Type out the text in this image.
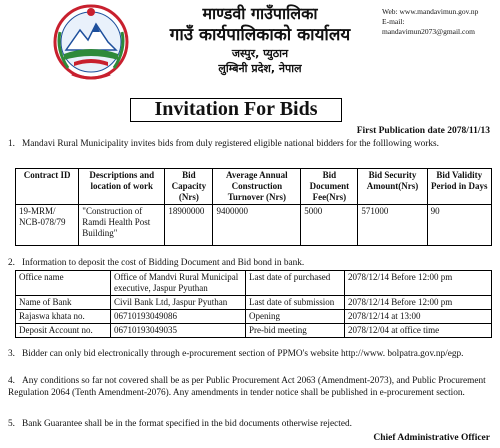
माण्डवी गाउँपालिका
गाउँ कार्यपालिकाको कार्यालय
जस्पुर, प्युठान
लुम्बिनी प्रदेश, नेपाल
Web: www.mandavimun.gov.np
E-mail: mandavimun2073@gmail.com
Invitation For Bids
First Publication date 2078/11/13
1. Mandavi Rural Municipality invites bids from duly registered eligible national bidders for the folllowing works.
Contract ID	Descriptions and location of work	Bid Capacity (Nrs)	Average Annual Construction Turnover (Nrs)	Bid Document Fee(Nrs)	Bid Security Amount(Nrs)	Bid Validity Period in Days
19-MRM/ NCB-078/79	"Construction of Ramdi Health Post Building"	18900000	9400000	5000	571000	90
2. Information to deposit the cost of Bidding Document and Bid bond in bank.
Office name	Office of Mandvi Rural Municipal executive, Jaspur Pyuthan	Last date of purchased	2078/12/14 Before 12:00 pm
Name of Bank	Civil Bank Ltd, Jaspur Pyuthan	Last date of submission	2078/12/14 Before 12:00 pm
Rajaswa khata no.	06710193049086	Opening	2078/12/14 at 13:00
Deposit Account no.	06710193049035	Pre-bid meeting	2078/12/04 at office time
3. Bidder can only bid electronically through e-procurement section of PPMO's website http://www. bolpatra.gov.np/egp.
4. Any conditions so far not covered shall be as per Public Procurement Act 2063 (Amendment-2073), and Public Procurement Regulation 2064 (Tenth Amendment-2076). Any amendments in tender notice shall be published in e-procurement section.
5. Bank Guarantee shall be in the format specified in the bid documents otherwise rejected.
Chief Administrative Officer
